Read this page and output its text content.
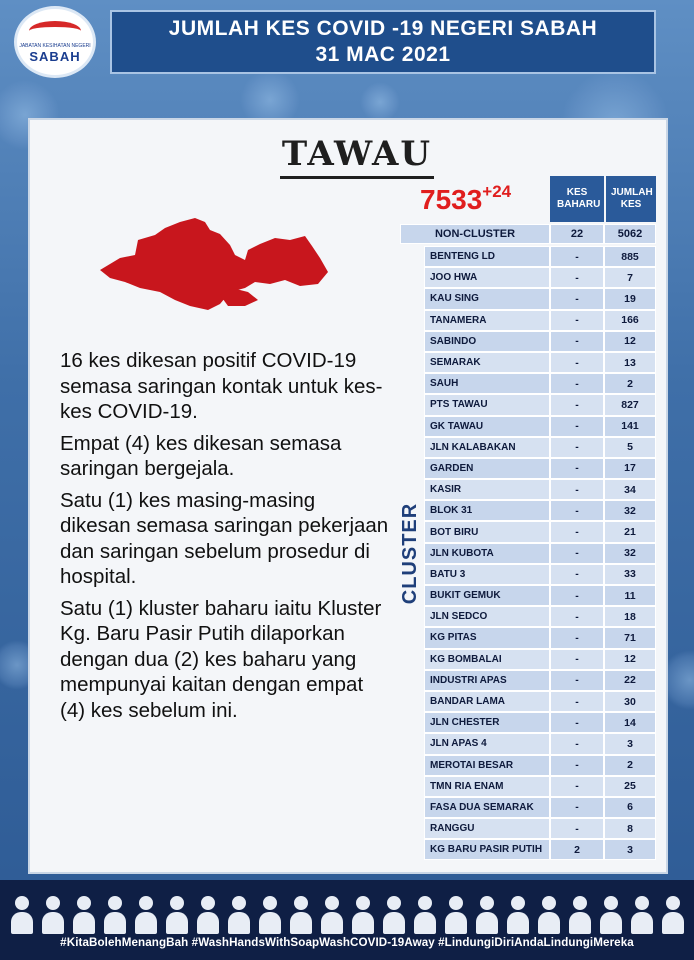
JABATAN KESIHATAN NEGERI
SABAH
JUMLAH KES COVID -19 NEGERI SABAH
31 MAC 2021
TAWAU

16 kes dikesan positif COVID-19 semasa saringan kontak untuk kes-kes COVID-19.

Empat (4) kes dikesan semasa saringan bergejala.

Satu (1) kes masing-masing dikesan semasa saringan pekerjaan dan saringan sebelum prosedur di hospital.

Satu (1) kluster baharu iaitu Kluster Kg. Baru Pasir Putih dilaporkan dengan dua (2) kes baharu yang mempunyai kaitan dengan empat (4) kes sebelum ini.

$7533^{+24}$	KES BAHARU
JUMLAH KES
NON-CLUSTER	22	5062
CLUSTER
BENTENG LD	-	885
JOO HWA	-	7
KAU SING	-	19
TANAMERA	-	166
SABINDO	-	12
SEMARAK	-	13
SAUH	-	2
PTS TAWAU	-	827
GK TAWAU	-	141
JLN KALABAKAN	-	5
GARDEN	-	17
KASIR	-	34
BLOK 31	-	32
BOT BIRU	-	21
JLN KUBOTA	-	32
BATU 3	-	33
BUKIT GEMUK	-	11
JLN SEDCO	-	18
KG PITAS	-	71
KG BOMBALAI	-	12
INDUSTRI APAS	-	22
BANDAR LAMA	-	30
JLN CHESTER	-	14
JLN APAS 4	-	3
MEROTAI BESAR	-	2
TMN RIA ENAM	-	25
FASA DUA SEMARAK	-	6
RANGGU	-	8
KG BARU PASIR PUTIH	2	3
#KitaBolehMenangBah #WashHandsWithSoapWashCOVID-19Away #LindungiDiriAndaLindungiMereka
